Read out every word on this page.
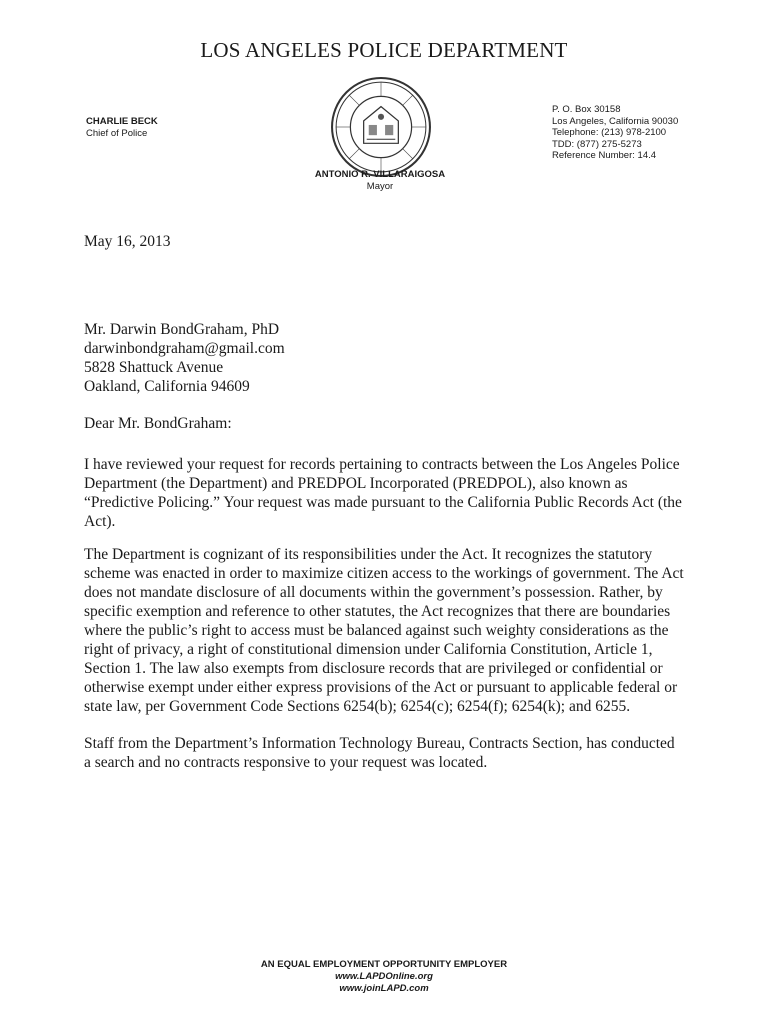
LOS ANGELES POLICE DEPARTMENT
CHARLIE BECK
Chief of Police
ANTONIO R. VILLARAIGOSA
Mayor
P. O. Box 30158
Los Angeles, California 90030
Telephone: (213) 978-2100
TDD: (877) 275-5273
Reference Number: 14.4
May 16, 2013
Mr. Darwin BondGraham, PhD
darwinbondgraham@gmail.com
5828 Shattuck Avenue
Oakland, California 94609
Dear Mr. BondGraham:
I have reviewed your request for records pertaining to contracts between the Los Angeles Police Department (the Department) and PREDPOL Incorporated (PREDPOL), also known as “Predictive Policing.” Your request was made pursuant to the California Public Records Act (the Act).
The Department is cognizant of its responsibilities under the Act. It recognizes the statutory scheme was enacted in order to maximize citizen access to the workings of government. The Act does not mandate disclosure of all documents within the government’s possession. Rather, by specific exemption and reference to other statutes, the Act recognizes that there are boundaries where the public’s right to access must be balanced against such weighty considerations as the right of privacy, a right of constitutional dimension under California Constitution, Article 1, Section 1. The law also exempts from disclosure records that are privileged or confidential or otherwise exempt under either express provisions of the Act or pursuant to applicable federal or state law, per Government Code Sections 6254(b); 6254(c); 6254(f); 6254(k); and 6255.
Staff from the Department’s Information Technology Bureau, Contracts Section, has conducted a search and no contracts responsive to your request was located.
AN EQUAL EMPLOYMENT OPPORTUNITY EMPLOYER
www.LAPDOnline.org
www.joinLAPD.com
